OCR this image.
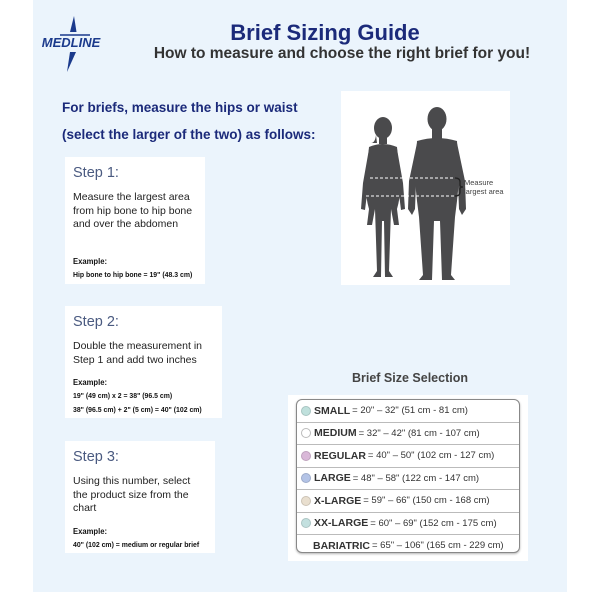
MEDLINE	Brief Sizing Guide
How to measure and choose the right brief for you!
For briefs, measure the hips or waist
(select the larger of the two) as follows:
Step 1:
Measure the largest area
from hip bone to hip bone
and over the abdomen
Example:
Hip bone to hip bone = 19" (48.3 cm)
Step 2:
Double the measurement in
Step 1 and add two inches
Example:
19" (49 cm) x 2 = 38" (96.5 cm)
38" (96.5 cm) + 2" (5 cm) = 40" (102 cm)
Step 3:
Using this number, select
the product size from the
chart
Example:
40" (102 cm) = medium or regular brief
Measure
largest area
Brief Size Selection
SMALL = 20" – 32" (51 cm - 81 cm)
MEDIUM = 32" – 42" (81 cm - 107 cm)
REGULAR = 40" – 50" (102 cm - 127 cm)
LARGE = 48" – 58" (122 cm - 147 cm)
X-LARGE = 59" – 66" (150 cm - 168 cm)
XX-LARGE = 60" – 69" (152 cm - 175 cm)
BARIATRIC = 65" – 106" (165 cm - 229 cm)
